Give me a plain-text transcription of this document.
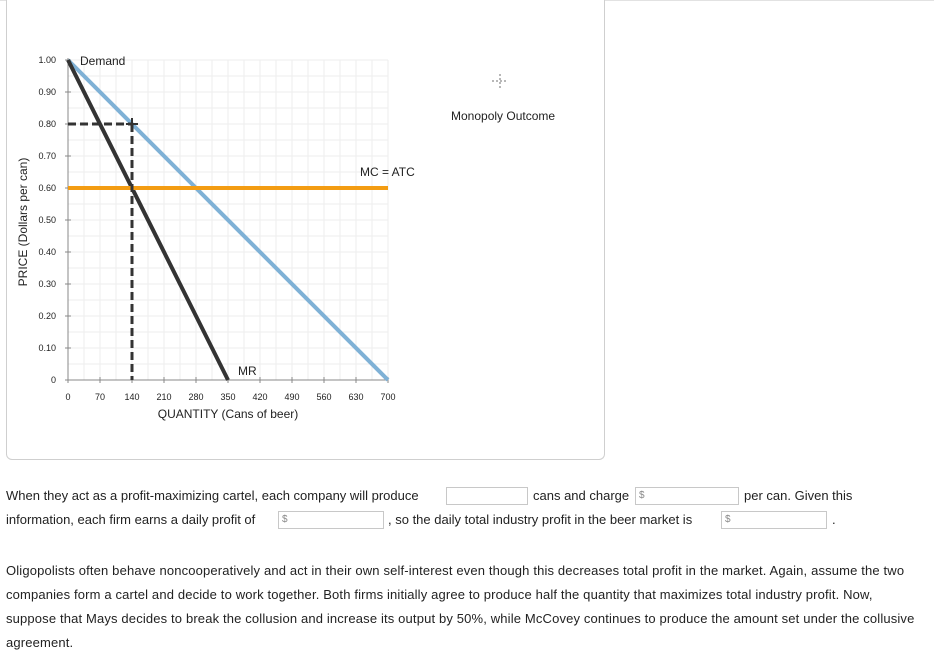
0	70 140 210 280 350 420 490 560 630 700
0
0.10
0.20
0.30
0.40
0.50
0.60
0.70
0.80
0.90
1.00
QUANTITY (Cans of beer)
PRICE (Dollars per can)
Demand
MR
MC = ATC
Monopoly Outcome
When they act as a profit-maximizing cartel, each company will produce	cans and charge $	per can. Given this
information, each firm earns a daily profit of	$	, so the daily total industry profit in the beer market is	$	.
Oligopolists often behave noncooperatively and act in their own self-interest even though this decreases total profit in the market. Again, assume the two companies form a cartel and decide to work together. Both firms initially agree to produce half the quantity that maximizes total industry profit. Now, suppose that Mays decides to break the collusion and increase its output by 50%, while McCovey continues to produce the amount set under the collusive agreement.
